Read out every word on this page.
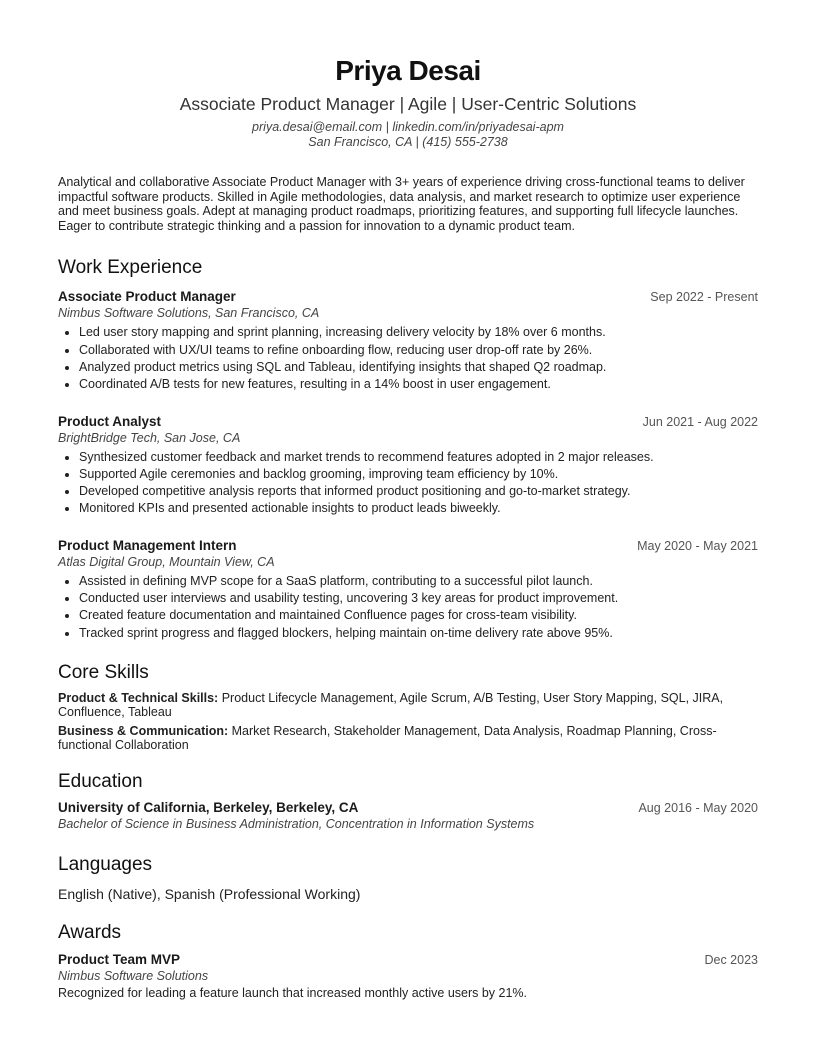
Priya Desai
Associate Product Manager | Agile | User-Centric Solutions
priya.desai@email.com | linkedin.com/in/priyadesai-apm
San Francisco, CA | (415) 555-2738
Analytical and collaborative Associate Product Manager with 3+ years of experience driving cross-functional teams to deliver impactful software products. Skilled in Agile methodologies, data analysis, and market research to optimize user experience and meet business goals. Adept at managing product roadmaps, prioritizing features, and supporting full lifecycle launches. Eager to contribute strategic thinking and a passion for innovation to a dynamic product team.
Work Experience
Associate Product Manager	Sep 2022 - Present
Nimbus Software Solutions, San Francisco, CA
• Led user story mapping and sprint planning, increasing delivery velocity by 18% over 6 months.
• Collaborated with UX/UI teams to refine onboarding flow, reducing user drop-off rate by 26%.
• Analyzed product metrics using SQL and Tableau, identifying insights that shaped Q2 roadmap.
• Coordinated A/B tests for new features, resulting in a 14% boost in user engagement.
Product Analyst	Jun 2021 - Aug 2022
BrightBridge Tech, San Jose, CA
• Synthesized customer feedback and market trends to recommend features adopted in 2 major releases.
• Supported Agile ceremonies and backlog grooming, improving team efficiency by 10%.
• Developed competitive analysis reports that informed product positioning and go-to-market strategy.
• Monitored KPIs and presented actionable insights to product leads biweekly.
Product Management Intern	May 2020 - May 2021
Atlas Digital Group, Mountain View, CA
• Assisted in defining MVP scope for a SaaS platform, contributing to a successful pilot launch.
• Conducted user interviews and usability testing, uncovering 3 key areas for product improvement.
• Created feature documentation and maintained Confluence pages for cross-team visibility.
• Tracked sprint progress and flagged blockers, helping maintain on-time delivery rate above 95%.
Core Skills
Product & Technical Skills: Product Lifecycle Management, Agile Scrum, A/B Testing, User Story Mapping, SQL, JIRA, Confluence, Tableau
Business & Communication: Market Research, Stakeholder Management, Data Analysis, Roadmap Planning, Cross-functional Collaboration
Education
University of California, Berkeley, Berkeley, CA	Aug 2016 - May 2020
Bachelor of Science in Business Administration, Concentration in Information Systems
Languages
English (Native), Spanish (Professional Working)
Awards
Product Team MVP	Dec 2023
Nimbus Software Solutions
Recognized for leading a feature launch that increased monthly active users by 21%.
